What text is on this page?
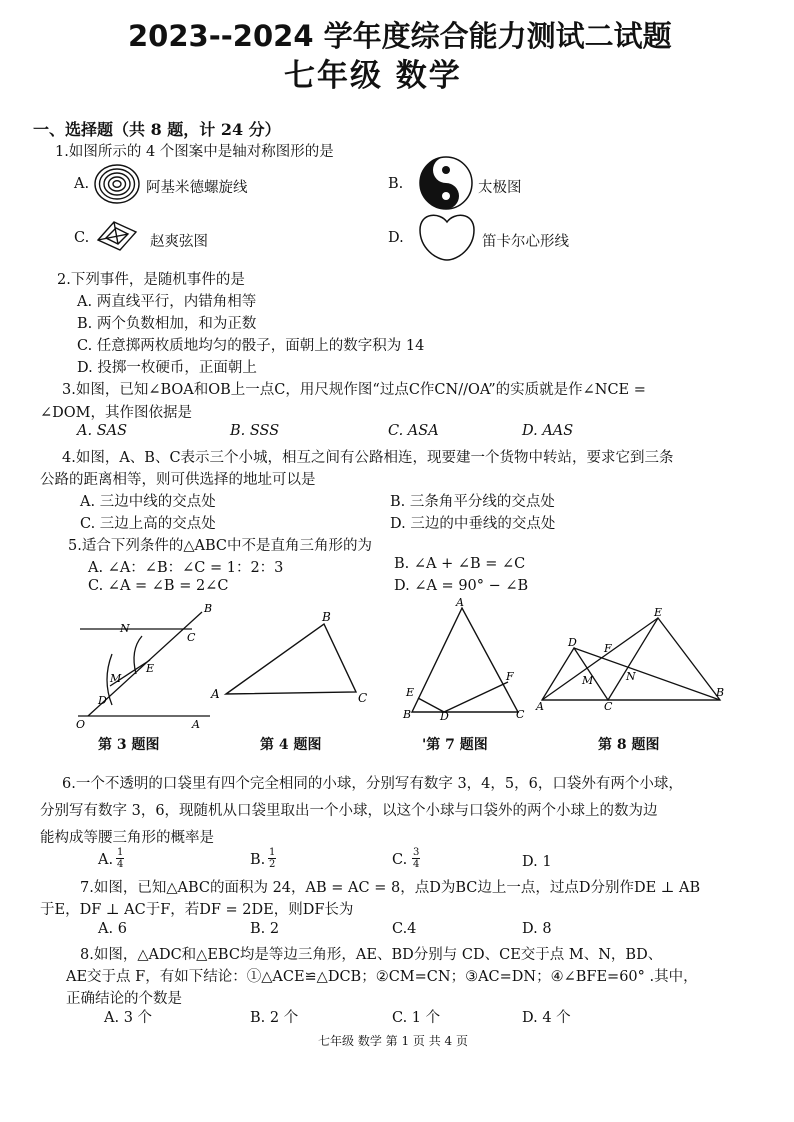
2023--2024 学年度综合能力测试二试题
七年级 数学
一、选择题（共 8 题，计 24 分）
1.如图所示的 4 个图案中是轴对称图形的是
A.	阿基米德螺旋线	B.	太极图
C.	赵爽弦图	D.	笛卡尔心形线
2.下列事件，是随机事件的是
A. 两直线平行，内错角相等
B. 两个负数相加，和为正数
C. 任意掷两枚质地均匀的骰子，面朝上的数字积为 14
D. 投掷一枚硬币，正面朝上
3.如图，已知∠BOA和OB上一点C，用尺规作图“过点C作CN//OA”的实质就是作∠NCE =
∠DOM，其作图依据是
A. SAS	B. SSS	C. ASA	D. AAS
4.如图，A、B、C表示三个小城，相互之间有公路相连，现要建一个货物中转站，要求它到三条
公路的距离相等，则可供选择的地址可以是
A. 三边中线的交点处	B. 三条角平分线的交点处
C. 三边上高的交点处	D. 三边的中垂线的交点处
5.适合下列条件的△ABC中不是直角三角形的为
A. ∠A：∠B：∠C = 1：2：3	B. ∠A + ∠B = ∠C
C. ∠A = ∠B = 2∠C	D. ∠A = 90° − ∠B
B
N
C
E
M
D
O	A
第 3 题图
B
A	C
第 4 题图
A
E
F
B	D	C
'第 7 题图
E
D F
M	N
A	C
B
第 8 题图
6.一个不透明的口袋里有四个完全相同的小球，分别写有数字 3，4，5，6，口袋外有两个小球，
分别写有数字 3，6，现随机从口袋里取出一个小球，以这个小球与口袋外的两个小球上的数为边
能构成等腰三角形的概率是
A. $\frac{1}{4}$	B. $\frac{1}{2}$	C. $\frac{3}{4}$	D. 1
7.如图，已知△ABC的面积为 24，AB = AC = 8，点D为BC边上一点，过点D分别作DE ⊥ AB
于E，DF ⊥ AC于F，若DF = 2DE，则DF长为
A. 6	B. 2	C.4	D. 8
8.如图，△ADC和△EBC均是等边三角形，AE、BD分别与 CD、CE交于点 M、N，BD、
AE交于点 F，有如下结论：①△ACE≌△DCB；②CM=CN；③AC=DN；④∠BFE=60° .其中，
正确结论的个数是
A. 3 个	B. 2 个	C. 1 个	D. 4 个
七年级 数学 第 1 页 共 4 页
